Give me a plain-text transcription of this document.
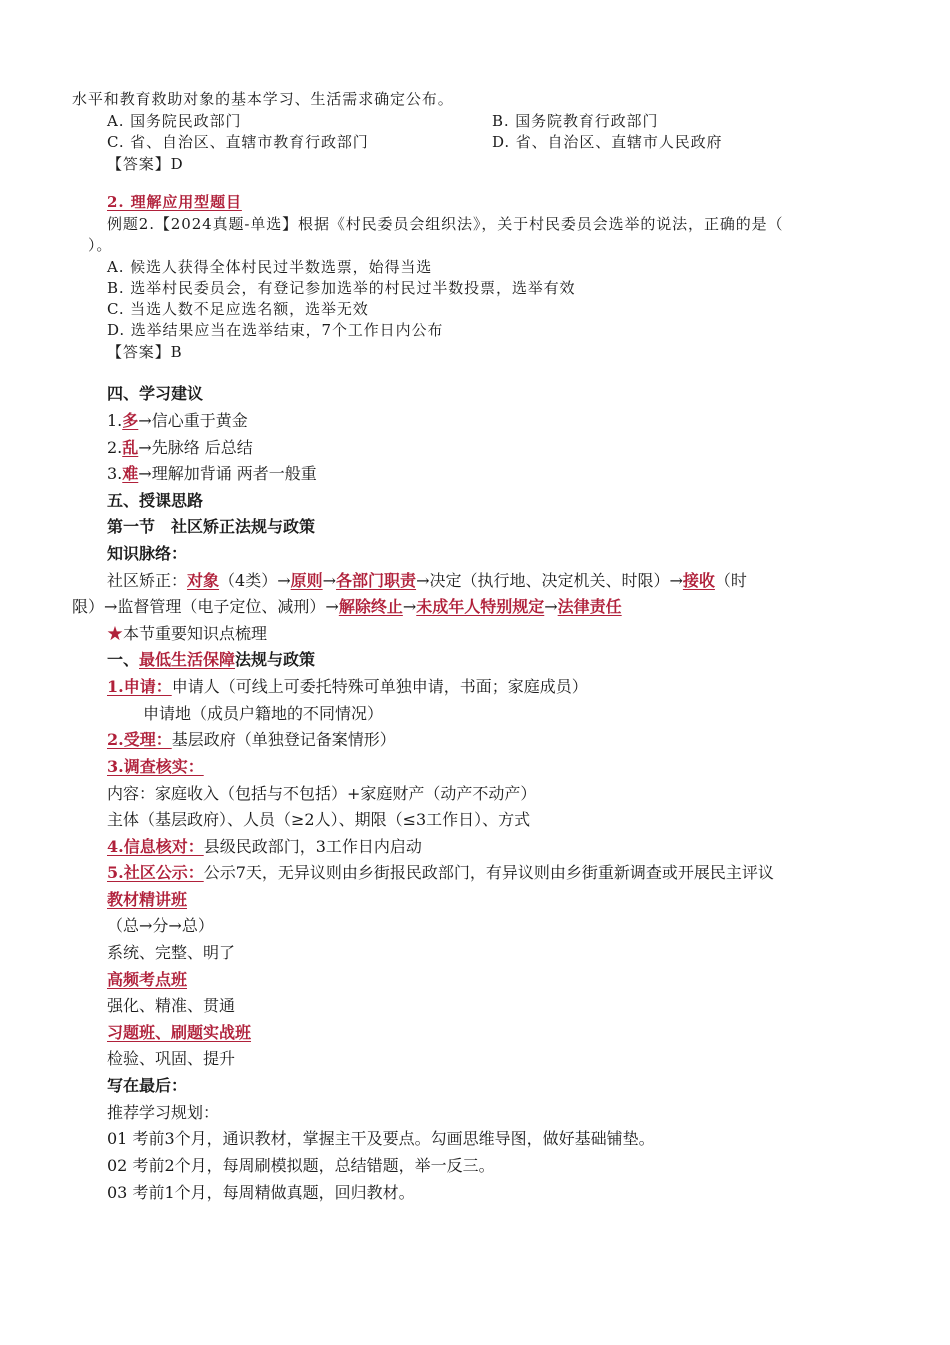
水平和教育救助对象的基本学习、生活需求确定公布。
A. 国务院民政部门	B. 国务院教育行政部门
C. 省、自治区、直辖市教育行政部门	D. 省、自治区、直辖市人民政府
【答案】D
2. 理解应用型题目
例题2.【2024真题-单选】根据《村民委员会组织法》，关于村民委员会选举的说法，正确的是（
）。
A. 候选人获得全体村民过半数选票，始得当选
B. 选举村民委员会，有登记参加选举的村民过半数投票，选举有效
C. 当选人数不足应选名额，选举无效
D. 选举结果应当在选举结束，7个工作日内公布
【答案】B
四、学习建议
1.多→信心重于黄金
2.乱→先脉络 后总结
3.难→理解加背诵 两者一般重
五、授课思路
第一节　社区矫正法规与政策
知识脉络：
社区矫正：对象（4类）→原则→各部门职责→决定（执行地、决定机关、时限）→接收（时
限）→监督管理（电子定位、减刑）→解除终止→未成年人特别规定→法律责任
★本节重要知识点梳理
一、最低生活保障法规与政策
1.申请：申请人（可线上可委托特殊可单独申请，书面；家庭成员）
申请地（成员户籍地的不同情况）
2.受理：基层政府（单独登记备案情形）
3.调查核实：
内容：家庭收入（包括与不包括）+家庭财产（动产不动产）
主体（基层政府）、人员（≥2人）、期限（≤3工作日）、方式
4.信息核对：县级民政部门，3工作日内启动
5.社区公示：公示7天，无异议则由乡街报民政部门，有异议则由乡街重新调查或开展民主评议
教材精讲班
（总→分→总）
系统、完整、明了
高频考点班
强化、精准、贯通
习题班、刷题实战班
检验、巩固、提升
写在最后：
推荐学习规划：
01 考前3个月，通识教材，掌握主干及要点。勾画思维导图，做好基础铺垫。
02 考前2个月，每周刷模拟题，总结错题，举一反三。
03 考前1个月，每周精做真题，回归教材。
